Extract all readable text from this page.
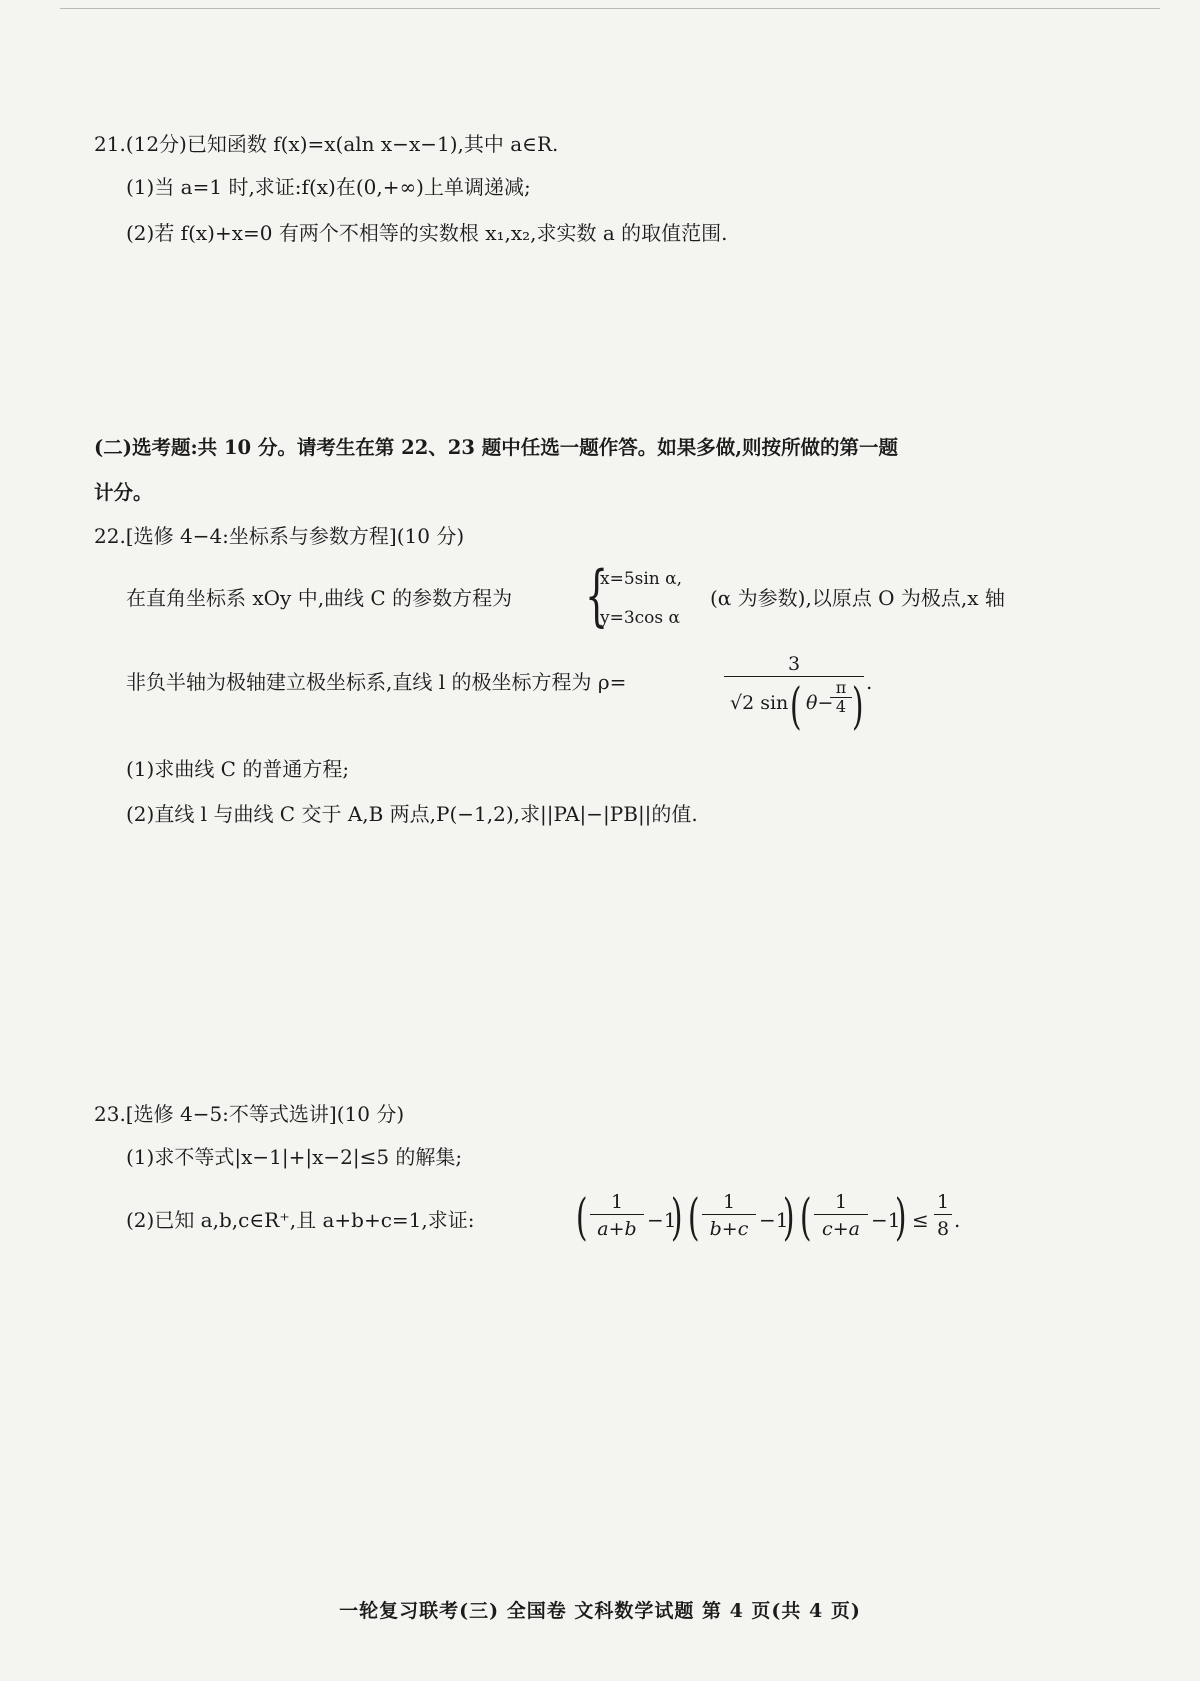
21.(12分)已知函数 f(x)=x(aln x−x−1),其中 a∈R.
(1)当 a=1 时,求证:f(x)在(0,+∞)上单调递减;
(2)若 f(x)+x=0 有两个不相等的实数根 x₁,x₂,求实数 a 的取值范围.
(二)选考题:共 10 分。请考生在第 22、23 题中任选一题作答。如果多做,则按所做的第一题
计分。
22.[选修 4−4:坐标系与参数方程](10 分)
在直角坐标系 xOy 中,曲线 C 的参数方程为 {
x=5sin α,
y=3cos α
(α 为参数),以原点 O 为极点,x 轴
非负半轴为极轴建立极坐标系,直线 l 的极坐标方程为 ρ=
3
√2 sin ( θ−
π
4 ) .
(1)求曲线 C 的普通方程;
(2)直线 l 与曲线 C 交于 A,B 两点,P(−1,2),求||PA|−|PB||的值.
23.[选修 4−5:不等式选讲](10 分)
(1)求不等式|x−1|+|x−2|≤5 的解集;
(2)已知 a,b,c∈R⁺,且 a+b+c=1,求证: ( $\frac{1}{a+b} -1$
) ( $\frac{1}{b+c} -1$
) ( $\frac{1}{c+a} -1$
) ≤ $\frac{1}{8}$ .
一轮复习联考(三) 全国卷 文科数学试题 第 4 页(共 4 页)
